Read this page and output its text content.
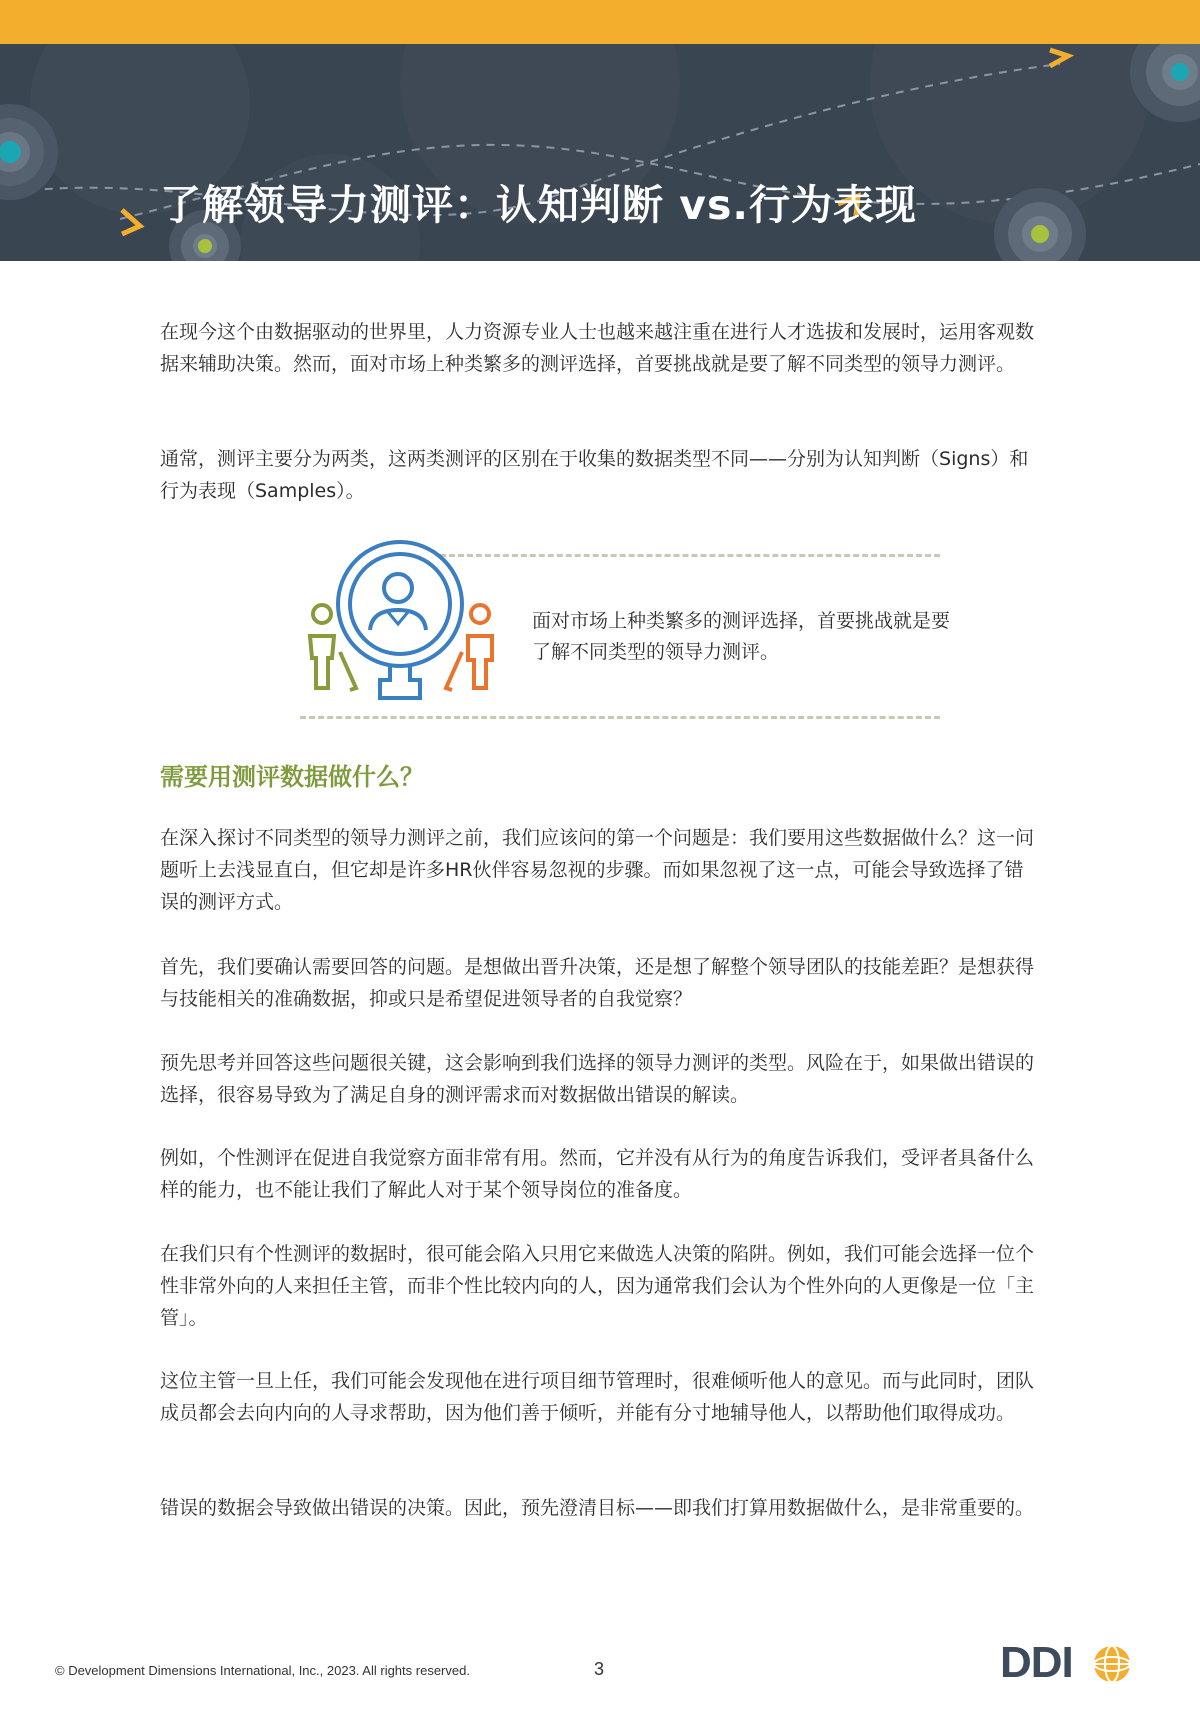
了解领导力测评：认知判断 vs.行为表现

在现今这个由数据驱动的世界里，人力资源专业人士也越来越注重在进行人才选拔和发展时，运用客观数据来辅助决策。然而，面对市场上种类繁多的测评选择，首要挑战就是要了解不同类型的领导力测评。

通常，测评主要分为两类，这两类测评的区别在于收集的数据类型不同——分别为认知判断（Signs）和行为表现（Samples）。

面对市场上种类繁多的测评选择，首要挑战就是要了解不同类型的领导力测评。

需要用测评数据做什么？

在深入探讨不同类型的领导力测评之前，我们应该问的第一个问题是：我们要用这些数据做什么？这一问题听上去浅显直白，但它却是许多HR伙伴容易忽视的步骤。而如果忽视了这一点，可能会导致选择了错误的测评方式。

首先，我们要确认需要回答的问题。是想做出晋升决策，还是想了解整个领导团队的技能差距？是想获得与技能相关的准确数据，抑或只是希望促进领导者的自我觉察？

预先思考并回答这些问题很关键，这会影响到我们选择的领导力测评的类型。风险在于，如果做出错误的选择，很容易导致为了满足自身的测评需求而对数据做出错误的解读。

例如，个性测评在促进自我觉察方面非常有用。然而，它并没有从行为的角度告诉我们，受评者具备什么样的能力，也不能让我们了解此人对于某个领导岗位的准备度。

在我们只有个性测评的数据时，很可能会陷入只用它来做选人决策的陷阱。例如，我们可能会选择一位个性非常外向的人来担任主管，而非个性比较内向的人，因为通常我们会认为个性外向的人更像是一位「主管」。

这位主管一旦上任，我们可能会发现他在进行项目细节管理时，很难倾听他人的意见。而与此同时，团队成员都会去向内向的人寻求帮助，因为他们善于倾听，并能有分寸地辅导他人，以帮助他们取得成功。

错误的数据会导致做出错误的决策。因此，预先澄清目标——即我们打算用数据做什么，是非常重要的。

© Development Dimensions International, Inc., 2023. All rights reserved.	3	DDI
